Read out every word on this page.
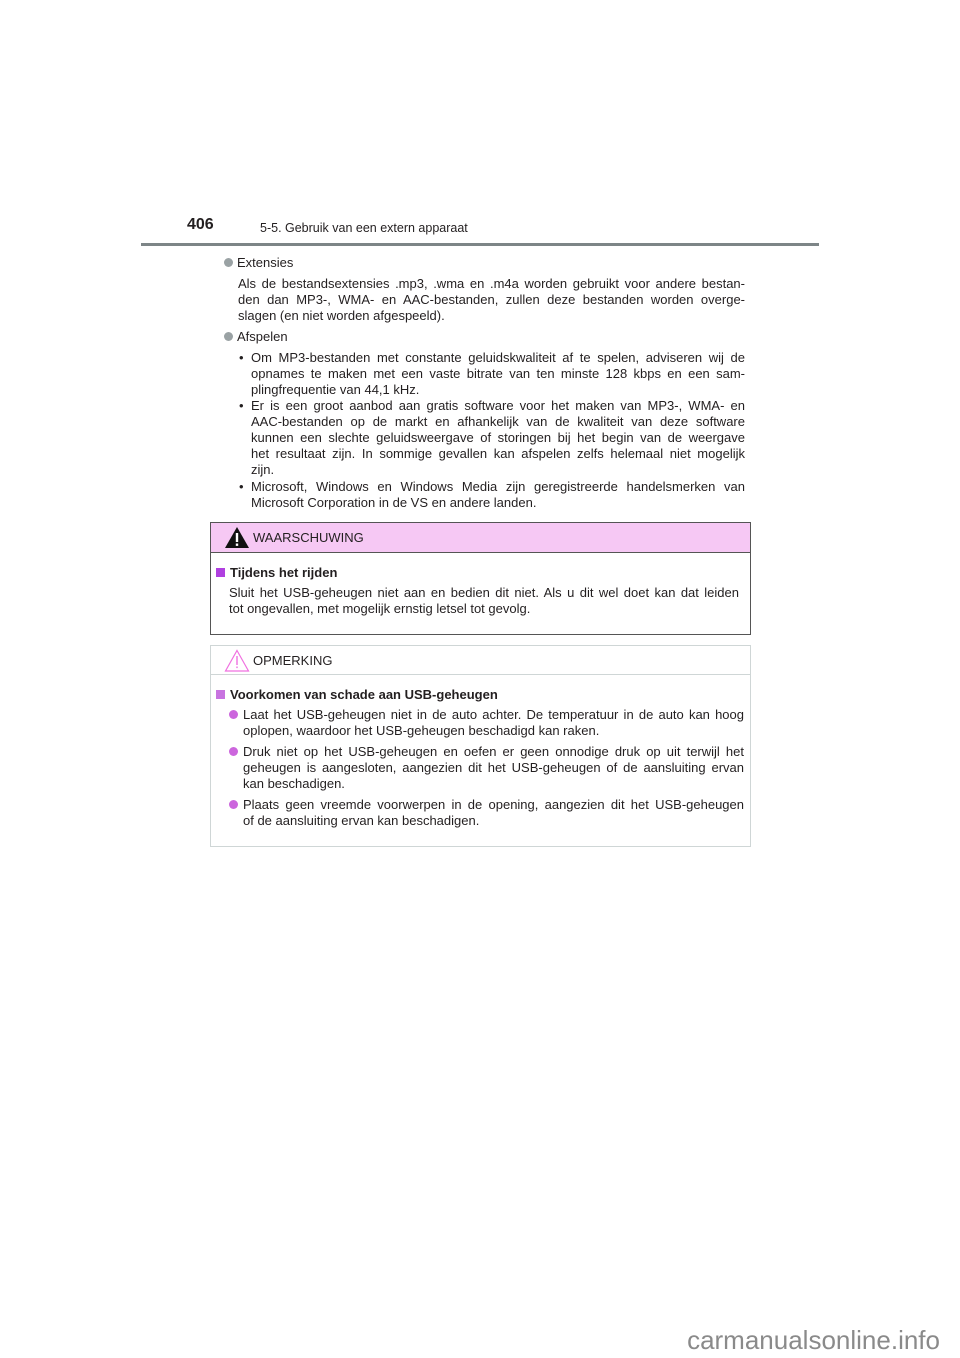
406	5-5. Gebruik van een extern apparaat
Extensies
Als de bestandsextensies .mp3, .wma en .m4a worden gebruikt voor andere bestan-
den dan MP3-, WMA- en AAC-bestanden, zullen deze bestanden worden overge-
slagen (en niet worden afgespeeld).
Afspelen
• Om MP3-bestanden met constante geluidskwaliteit af te spelen, adviseren wij de
opnames te maken met een vaste bitrate van ten minste 128 kbps en een sam-
plingfrequentie van 44,1 kHz.
• Er is een groot aanbod aan gratis software voor het maken van MP3-, WMA- en
AAC-bestanden op de markt en afhankelijk van de kwaliteit van deze software
kunnen een slechte geluidsweergave of storingen bij het begin van de weergave
het resultaat zijn. In sommige gevallen kan afspelen zelfs helemaal niet mogelijk
zijn.
• Microsoft, Windows en Windows Media zijn geregistreerde handelsmerken van
Microsoft Corporation in de VS en andere landen.
WAARSCHUWING
Tijdens het rijden
Sluit het USB-geheugen niet aan en bedien dit niet. Als u dit wel doet kan dat leiden
tot ongevallen, met mogelijk ernstig letsel tot gevolg.
OPMERKING
Voorkomen van schade aan USB-geheugen
Laat het USB-geheugen niet in de auto achter. De temperatuur in de auto kan hoog
oplopen, waardoor het USB-geheugen beschadigd kan raken.
Druk niet op het USB-geheugen en oefen er geen onnodige druk op uit terwijl het
geheugen is aangesloten, aangezien dit het USB-geheugen of de aansluiting ervan
kan beschadigen.
Plaats geen vreemde voorwerpen in de opening, aangezien dit het USB-geheugen
of de aansluiting ervan kan beschadigen.
carmanualsonline.info
